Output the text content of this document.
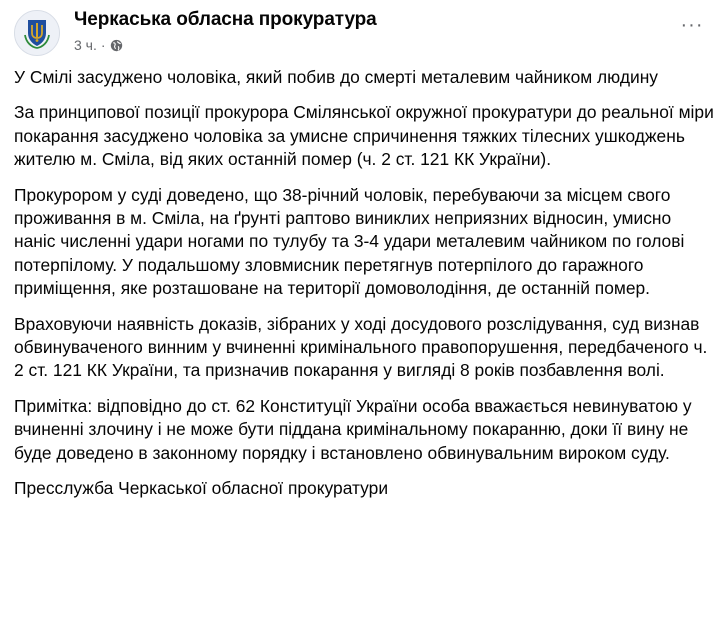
Черкаська обласна прокуратура
3 ч. ·
···

У Смілі засуджено чоловіка, який побив до смерті металевим чайником людину

За принципової позиції прокурора Смілянської окружної прокуратури до реальної міри покарання засуджено чоловіка за умисне спричинення тяжких тілесних ушкоджень жителю м. Сміла, від яких останній помер (ч. 2 ст. 121 КК України).

Прокурором у суді доведено, що 38-річний чоловік, перебуваючи за місцем свого проживання в м. Сміла, на ґрунті раптово виниклих неприязних відносин, умисно наніс численні удари ногами по тулубу та 3-4 удари металевим чайником по голові потерпілому. У подальшому зловмисник перетягнув потерпілого до гаражного приміщення, яке розташоване на території домоволодіння, де останній помер.

Враховуючи наявність доказів, зібраних у ході досудового розслідування, суд визнав обвинуваченого винним у вчиненні кримінального правопорушення, передбаченого ч. 2 ст. 121 КК України, та призначив покарання у вигляді 8 років позбавлення волі.

Примітка: відповідно до ст. 62 Конституції України особа вважається невинуватою у вчиненні злочину і не може бути піддана кримінальному покаранню, доки її вину не буде доведено в законному порядку і встановлено обвинувальним вироком суду.

Пресслужба Черкаської обласної прокуратури
